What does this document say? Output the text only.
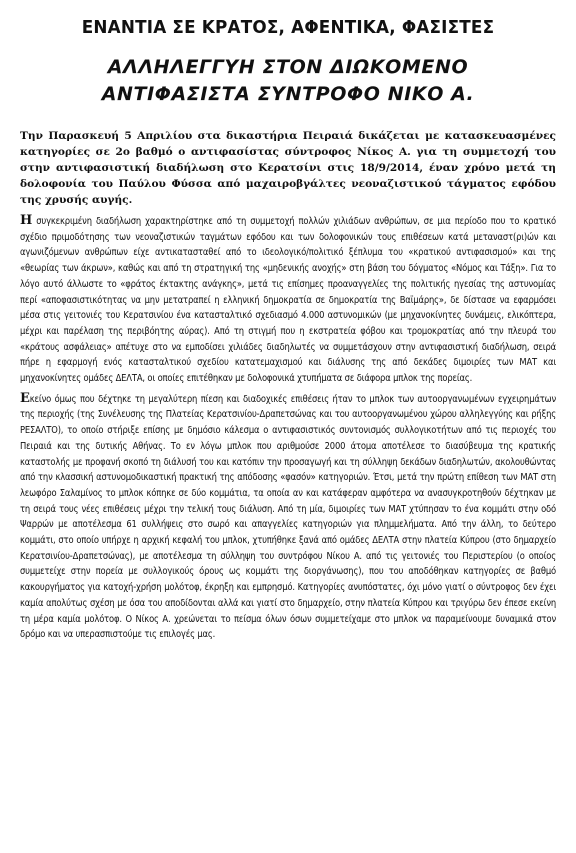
ΕΝΑΝΤΙΑ ΣΕ ΚΡΑΤΟΣ, ΑΦΕΝΤΙΚΑ, ΦΑΣΙΣΤΕΣ
ΑΛΛΗΛΕΓΓΥΗ ΣΤΟΝ ΔΙΩΚΟΜΕΝΟ
ΑΝΤΙΦΑΣΙΣΤΑ ΣΥΝΤΡΟΦΟ ΝΙΚΟ Α.

Την Παρασκευή 5 Απριλίου στα δικαστήρια Πειραιά δικάζεται με κατασκευασμένες κατηγορίες σε 2ο βαθμό ο αντιφασίστας σύντροφος Νίκος Α. για τη συμμετοχή του στην αντιφασιστική διαδήλωση στο Κερατσίνι στις 18/9/2014, έναν χρόνο μετά τη δολοφονία του Παύλου Φύσσα από μαχαιροβγάλτες νεοναζιστικού τάγματος εφόδου της χρυσής αυγής.

Η συγκεκριμένη διαδήλωση χαρακτηρίστηκε από τη συμμετοχή πολλών χιλιάδων ανθρώπων, σε μια περίοδο που το κρατικό σχέδιο πριμοδότησης των νεοναζιστικών ταγμάτων εφόδου και των δολοφονικών τους επιθέσεων κατά μεταναστ(ρι)ών και αγωνιζόμενων ανθρώπων είχε αντικατασταθεί από το ιδεολογικό/πολιτικό ξέπλυμα του «κρατικού αντιφασισμού» και της «θεωρίας των άκρων», καθώς και από τη στρατηγική της «μηδενικής ανοχής» στη βάση του δόγματος «Νόμος και Τάξη». Για το λόγο αυτό άλλωστε το «φράτος έκτακτης ανάγκης», μετά τις επίσημες προαναγγελίες της πολιτικής ηγεσίας της αστυνομίας περί «αποφασιστικότητας να μην μετατραπεί η ελληνική δημοκρατία σε δημοκρατία της Βαϊμάρης», δε δίστασε να εφαρμόσει μέσα στις γειτονιές του Κερατσινίου ένα κατασταλτικό σχεδιασμό 4.000 αστυνομικών (με μηχανοκίνητες δυνάμεις, ελικόπτερα, μέχρι και παρέλαση της περιβόητης αύρας). Από τη στιγμή που η εκστρατεία φόβου και τρομοκρατίας από την πλευρά του «κράτους ασφάλειας» απέτυχε στο να εμποδίσει χιλιάδες διαδηλωτές να συμμετάσχουν στην αντιφασιστική διαδήλωση, σειρά πήρε η εφαρμογή ενός κατασταλτικού σχεδίου κατατεμαχισμού και διάλυσης της από δεκάδες διμοιρίες των ΜΑΤ και μηχανοκίνητες ομάδες ΔΕΛΤΑ, οι οποίες επιτέθηκαν με δολοφονικά χτυπήματα σε διάφορα μπλοκ της πορείας.

Εκείνο όμως που δέχτηκε τη μεγαλύτερη πίεση και διαδοχικές επιθέσεις ήταν το μπλοκ των αυτοοργανωμένων εγχειρημάτων της περιοχής (της Συνέλευσης της Πλατείας Κερατσινίου-Δραπετσώνας και του αυτοοργανωμένου χώρου αλληλεγγύης και ρήξης ΡΕΣΑΛΤΟ), το οποίο στήριξε επίσης με δημόσιο κάλεσμα ο αντιφασιστικός συντονισμός συλλογικοτήτων από τις περιοχές του Πειραιά και της δυτικής Αθήνας. Το εν λόγω μπλοκ που αριθμούσε 2000 άτομα αποτέλεσε το διασύβευμα της κρατικής καταστολής με προφανή σκοπό τη διάλυσή του και κατόπιν την προσαγωγή και τη σύλληψη δεκάδων διαδηλωτών, ακολουθώντας από την κλασσική αστυνομοδικαστική πρακτική της απόδοσης «φασόν» κατηγοριών. Έτσι, μετά την πρώτη επίθεση των ΜΑΤ στη λεωφόρο Σαλαμίνος το μπλοκ κόπηκε σε δύο κομμάτια, τα οποία αν και κατάφεραν αμφότερα να ανασυγκροτηθούν δέχτηκαν με τη σειρά τους νέες επιθέσεις μέχρι την τελική τους διάλυση. Από τη μία, διμοιρίες των ΜΑΤ χτύπησαν το ένα κομμάτι στην οδό Ψαρρών με αποτέλεσμα 61 συλλήψεις στο σωρό και απαγγελίες κατηγοριών για πλημμελήματα. Από την άλλη, το δεύτερο κομμάτι, στο οποίο υπήρχε η αρχική κεφαλή του μπλοκ, χτυπήθηκε ξανά από ομάδες ΔΕΛΤΑ στην πλατεία Κύπρου (στο δημαρχείο Κερατσινίου-Δραπετσώνας), με αποτέλεσμα τη σύλληψη του συντρόφου Νίκου Α. από τις γειτονιές του Περιστερίου (ο οποίος συμμετείχε στην πορεία με συλλογικούς όρους ως κομμάτι της διοργάνωσης), που του αποδόθηκαν κατηγορίες σε βαθμό κακουργήματος για κατοχή-χρήση μολότοφ, έκρηξη και εμπρησμό. Κατηγορίες ανυπόστατες, όχι μόνο γιατί ο σύντροφος δεν έχει καμία απολύτως σχέση με όσα του αποδίδονται αλλά και γιατί στο δημαρχείο, στην πλατεία Κύπρου και τριγύρω δεν έπεσε εκείνη τη μέρα καμία μολότοφ. Ο Νίκος Α. χρεώνεται το πείσμα όλων όσων συμμετείχαμε στο μπλοκ να παραμείνουμε δυναμικά στον δρόμο και να υπερασπιστούμε τις επιλογές μας.
